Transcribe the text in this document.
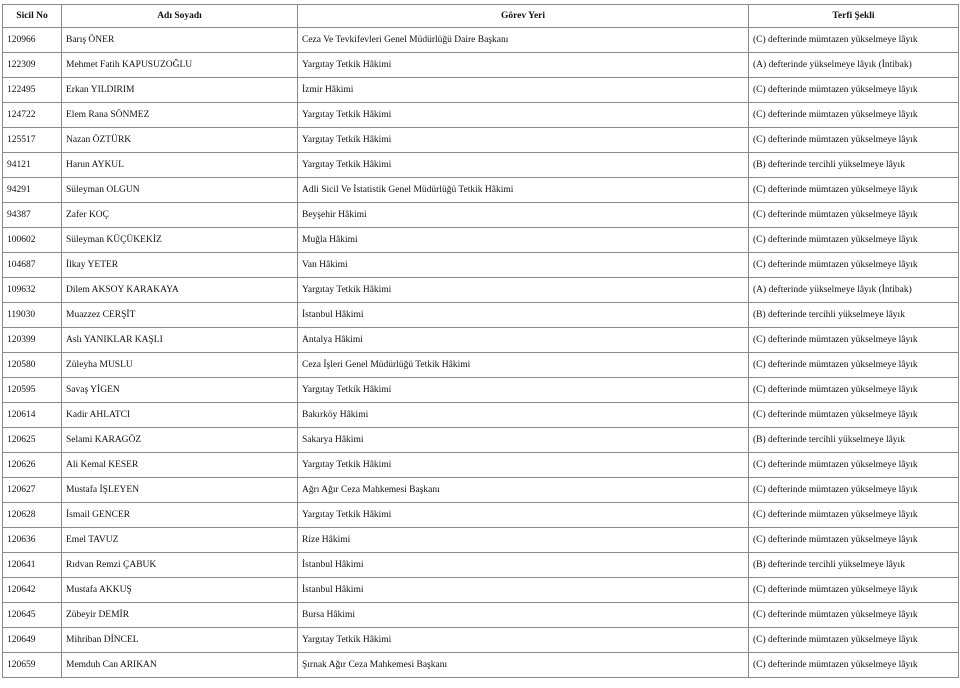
Sicil No	Adı Soyadı	Görev Yeri	Terfi Şekli
120966	Barış ÖNER	Ceza Ve Tevkifevleri Genel Müdürlüğü Daire Başkanı	(C) defterinde mümtazen yükselmeye lâyık
122309	Mehmet Fatih KAPUSUZOĞLU	Yargıtay Tetkik Hâkimi	(A) defterinde yükselmeye lâyık (İntibak)
122495	Erkan YILDIRIM	İzmir Hâkimi	(C) defterinde mümtazen yükselmeye lâyık
124722	Elem Rana SÖNMEZ	Yargıtay Tetkik Hâkimi	(C) defterinde mümtazen yükselmeye lâyık
125517	Nazan ÖZTÜRK	Yargıtay Tetkik Hâkimi	(C) defterinde mümtazen yükselmeye lâyık
94121	Harun AYKUL	Yargıtay Tetkik Hâkimi	(B) defterinde tercihli yükselmeye lâyık
94291	Süleyman OLGUN	Adli Sicil Ve İstatistik Genel Müdürlüğü Tetkik Hâkimi	(C) defterinde mümtazen yükselmeye lâyık
94387	Zafer KOÇ	Beyşehir Hâkimi	(C) defterinde mümtazen yükselmeye lâyık
100602	Süleyman KÜÇÜKEKİZ	Muğla Hâkimi	(C) defterinde mümtazen yükselmeye lâyık
104687	İlkay YETER	Van Hâkimi	(C) defterinde mümtazen yükselmeye lâyık
109632	Dilem AKSOY KARAKAYA	Yargıtay Tetkik Hâkimi	(A) defterinde yükselmeye lâyık (İntibak)
119030	Muazzez CERŞİT	İstanbul Hâkimi	(B) defterinde tercihli yükselmeye lâyık
120399	Aslı YANIKLAR KAŞLI	Antalya Hâkimi	(C) defterinde mümtazen yükselmeye lâyık
120580	Züleyha MUSLU	Ceza İşleri Genel Müdürlüğü Tetkik Hâkimi	(C) defterinde mümtazen yükselmeye lâyık
120595	Savaş YİGEN	Yargıtay Tetkik Hâkimi	(C) defterinde mümtazen yükselmeye lâyık
120614	Kadir AHLATCI	Bakırköy Hâkimi	(C) defterinde mümtazen yükselmeye lâyık
120625	Selami KARAGÖZ	Sakarya Hâkimi	(B) defterinde tercihli yükselmeye lâyık
120626	Ali Kemal KESER	Yargıtay Tetkik Hâkimi	(C) defterinde mümtazen yükselmeye lâyık
120627	Mustafa İŞLEYEN	Ağrı Ağır Ceza Mahkemesi Başkanı	(C) defterinde mümtazen yükselmeye lâyık
120628	İsmail GENCER	Yargıtay Tetkik Hâkimi	(C) defterinde mümtazen yükselmeye lâyık
120636	Emel TAVUZ	Rize Hâkimi	(C) defterinde mümtazen yükselmeye lâyık
120641	Rıdvan Remzi ÇABUK	İstanbul Hâkimi	(B) defterinde tercihli yükselmeye lâyık
120642	Mustafa AKKUŞ	İstanbul Hâkimi	(C) defterinde mümtazen yükselmeye lâyık
120645	Zübeyir DEMİR	Bursa Hâkimi	(C) defterinde mümtazen yükselmeye lâyık
120649	Mihriban DİNCEL	Yargıtay Tetkik Hâkimi	(C) defterinde mümtazen yükselmeye lâyık
120659	Memduh Can ARIKAN	Şırnak Ağır Ceza Mahkemesi Başkanı	(C) defterinde mümtazen yükselmeye lâyık
